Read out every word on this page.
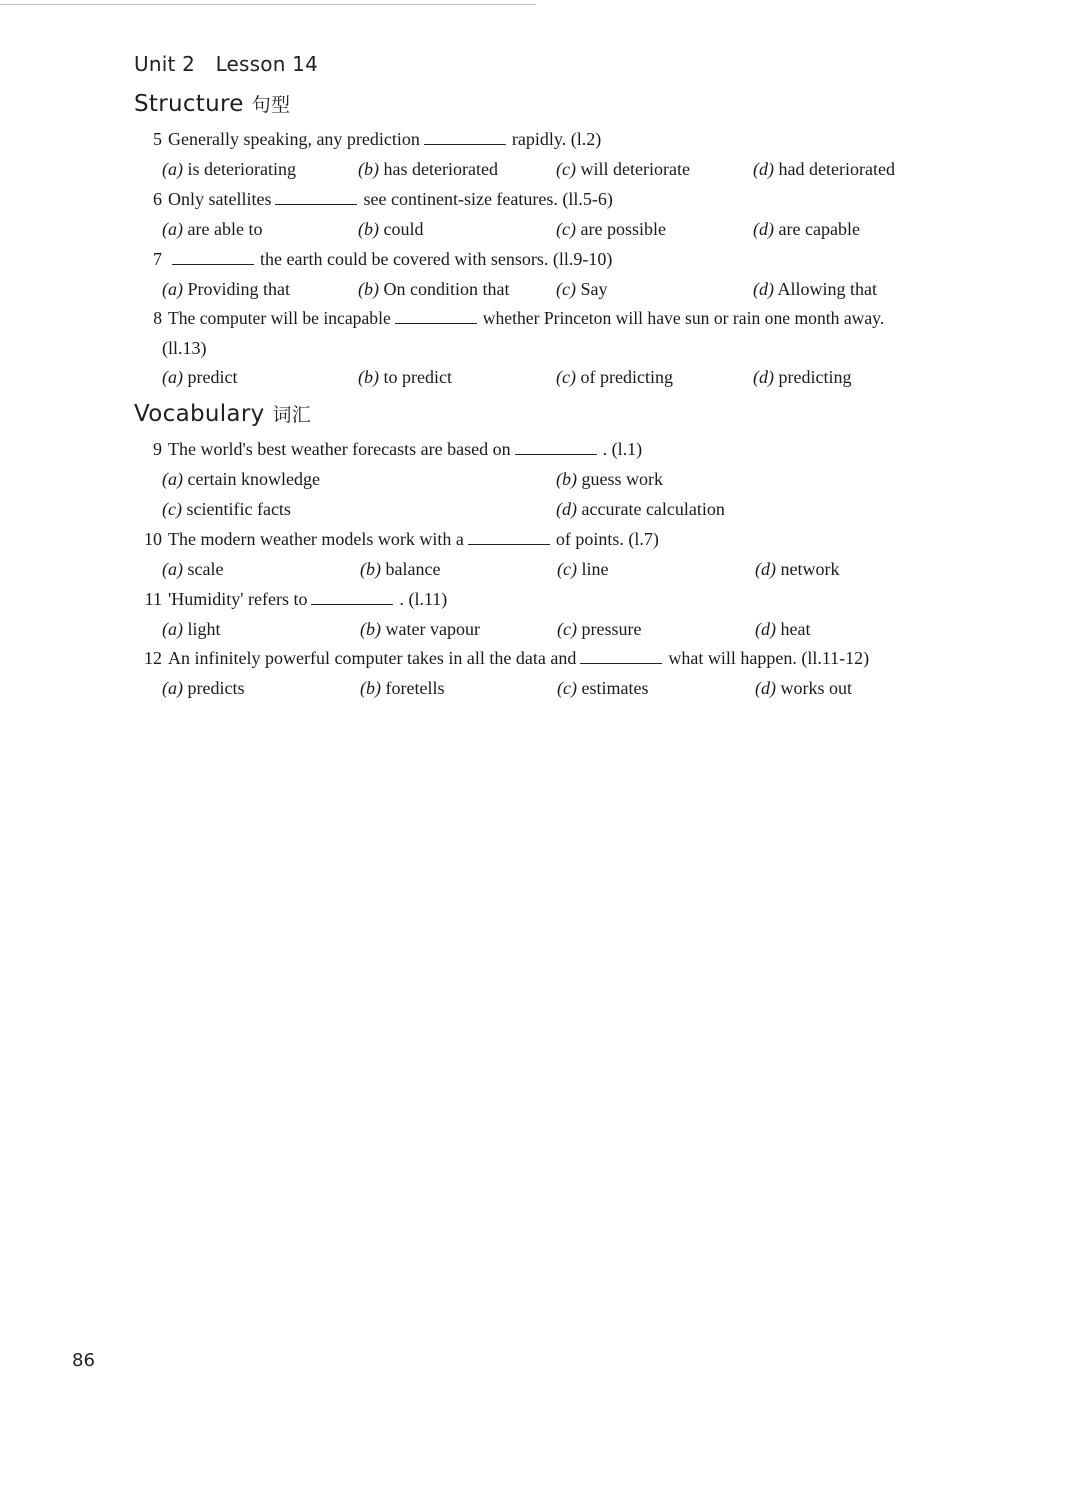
Unit 2 Lesson 14
Structure 句型
5 Generally speaking, any prediction	rapidly. (l.2)
(a) is deteriorating	(b) has deteriorated	(c) will deteriorate	(d) had deteriorated
6 Only satellites	see continent-size features. (ll.5-6)
(a) are able to	(b) could	(c) are possible	(d) are capable
7	the earth could be covered with sensors. (ll.9-10)
(a) Providing that	(b) On condition that	(c) Say	(d) Allowing that
8 The computer will be incapable	whether Princeton will have sun or rain one month away.
(ll.13)
(a) predict	(b) to predict	(c) of predicting	(d) predicting
Vocabulary 词汇
9 The world's best weather forecasts are based on	. (l.1)
(a) certain knowledge	(b) guess work
(c) scientific facts	(d) accurate calculation
10 The modern weather models work with a	of points. (l.7)
(a) scale	(b) balance	(c) line	(d) network
11 'Humidity' refers to	. (l.11)
(a) light	(b) water vapour	(c) pressure	(d) heat
12 An infinitely powerful computer takes in all the data and	what will happen. (ll.11-12)
(a) predicts	(b) foretells	(c) estimates	(d) works out
86
